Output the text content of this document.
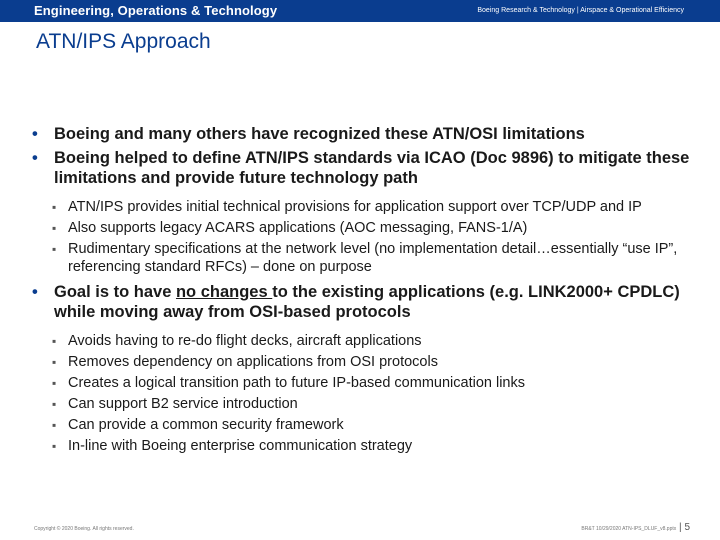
Engineering, Operations & Technology	Boeing Research & Technology | Airspace & Operational Efficiency
ATN/IPS Approach
• Boeing and many others have recognized these ATN/OSI limitations
• Boeing helped to define ATN/IPS standards via ICAO (Doc 9896) to mitigate these limitations and provide future technology path
▪ ATN/IPS provides initial technical provisions for application support over TCP/UDP and IP
▪ Also supports legacy ACARS applications (AOC messaging, FANS-1/A)
▪ Rudimentary specifications at the network level (no implementation detail…essentially “use IP”, referencing standard RFCs) – done on purpose
• Goal is to have no changes to the existing applications (e.g. LINK2000+ CPDLC) while moving away from OSI-based protocols
▪ Avoids having to re-do flight decks, aircraft applications
▪ Removes dependency on applications from OSI protocols
▪ Creates a logical transition path to future IP-based communication links
▪ Can support B2 service introduction
▪ Can provide a common security framework
▪ In-line with Boeing enterprise communication strategy
Copyright © 2020 Boeing. All rights reserved.	BR&T 10/29/2020 ATN-IPS_DLUF_v8.pptx | 5
